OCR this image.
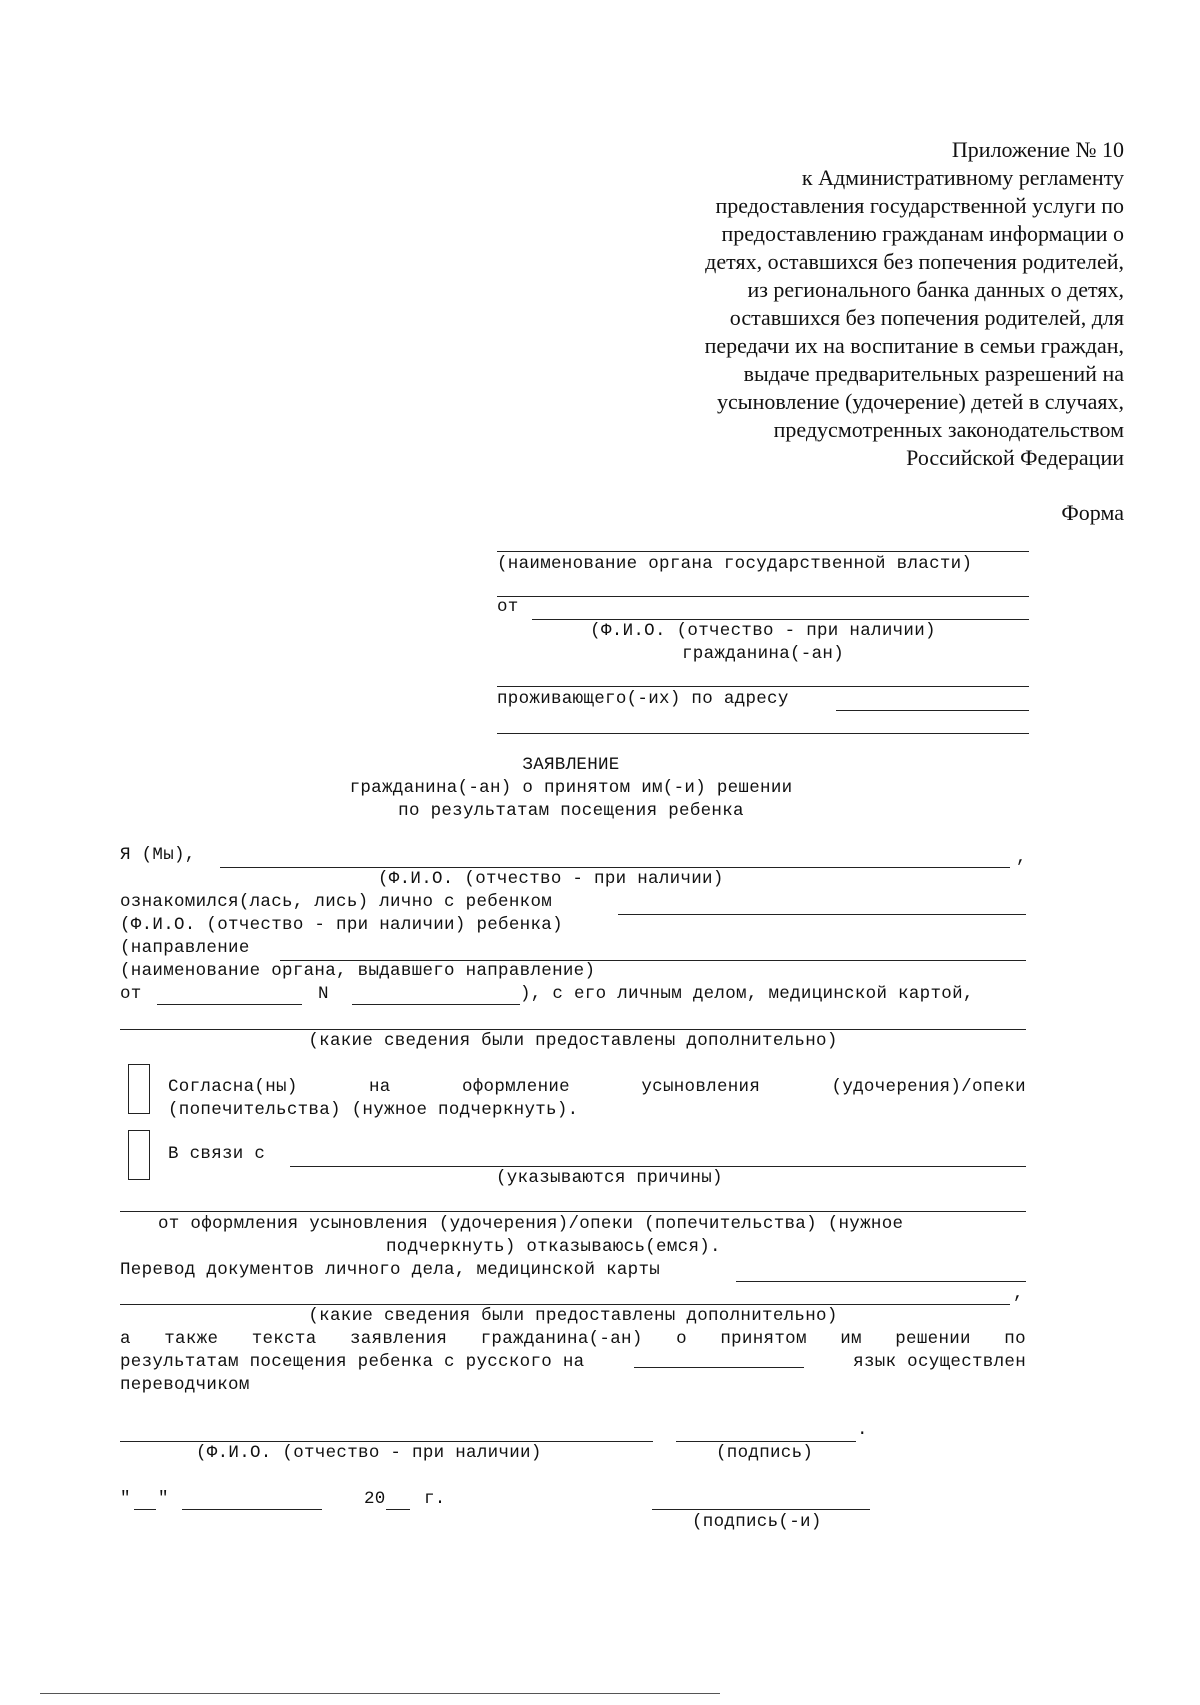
Приложение № 10
к Административному регламенту
предоставления государственной услуги по
предоставлению гражданам информации о
детях, оставшихся без попечения родителей,
из регионального банка данных о детях,
оставшихся без попечения родителей, для
передачи их на воспитание в семьи граждан,
выдаче предварительных разрешений на
усыновление (удочерение) детей в случаях,
предусмотренных законодательством
Российской Федерации
Форма
(наименование органа государственной власти)
от
(Ф.И.О. (отчество - при наличии)
гражданина(-ан)
проживающего(-их) по адресу
ЗАЯВЛЕНИЕ
гражданина(-ан) о принятом им(-и) решении
по результатам посещения ребенка
Я (Мы),	,
(Ф.И.О. (отчество - при наличии)
ознакомился(лась, лись) лично с ребенком
(Ф.И.О. (отчество - при наличии) ребенка)
(направление
(наименование органа, выдавшего направление)
от	N	), с его личным делом, медицинской картой,
(какие сведения были предоставлены дополнительно)
Согласна(ны)	на	оформление	усыновления	(удочерения)/опеки
(попечительства) (нужное подчеркнуть).
В связи с
(указываются причины)
от оформления усыновления (удочерения)/опеки (попечительства) (нужное
подчеркнуть) отказываюсь(емся).
Перевод документов личного дела, медицинской карты
,
(какие сведения были предоставлены дополнительно)
а также текста заявления гражданина(-ан) о принятом им решении по
результатам посещения ребенка с русского на	язык осуществлен
переводчиком
(Ф.И.О. (отчество - при наличии)
.
(подпись)
" "	20 г.
(подпись(-и)
